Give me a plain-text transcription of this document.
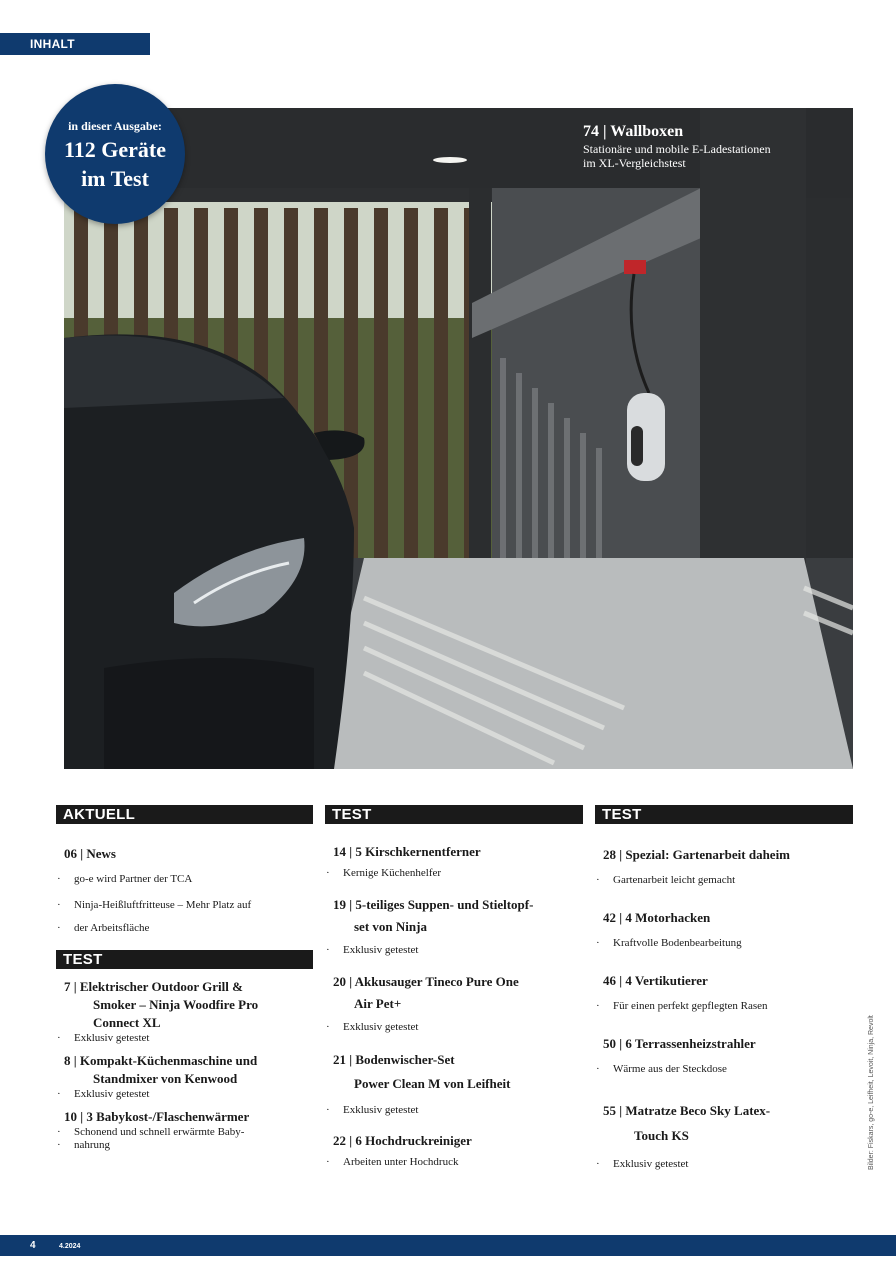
INHALT
74 | Wallboxen
Stationäre und mobile E-Ladestationen
im XL-Vergleichstest
in dieser Ausgabe:
112 Geräte
im Test
AKTUELL
06 | News
· go-e wird Partner der TCA
· Ninja-Heißluftfritteuse – Mehr Platz auf
· der Arbeitsfläche
TEST
7 | Elektrischer Outdoor Grill &
Smoker – Ninja Woodfire Pro
Connect XL
· Exklusiv getestet
8 | Kompakt-Küchenmaschine und
Standmixer von Kenwood
· Exklusiv getestet
10 | 3 Babykost-/Flaschenwärmer
· Schonend und schnell erwärmte Baby-
· nahrung
TEST
14 | 5 Kirschkernentferner
· Kernige Küchenhelfer
19 | 5-teiliges Suppen- und Stieltopf-
set von Ninja
· Exklusiv getestet
20 | Akkusauger Tineco Pure One
Air Pet+
· Exklusiv getestet
21 | Bodenwischer-Set
Power Clean M von Leifheit
· Exklusiv getestet
22 | 6 Hochdruckreiniger
· Arbeiten unter Hochdruck
TEST
28 | Spezial: Gartenarbeit daheim
· Gartenarbeit leicht gemacht
42 | 4 Motorhacken
· Kraftvolle Bodenbearbeitung
46 | 4 Vertikutierer
· Für einen perfekt gepflegten Rasen
50 | 6 Terrassenheizstrahler
· Wärme aus der Steckdose
55 | Matratze Beco Sky Latex-
Touch KS
· Exklusiv getestet	Bilder: Fiskars, go-e, Leifheit, Levoit, Ninja, Revolt
4	4.2024
